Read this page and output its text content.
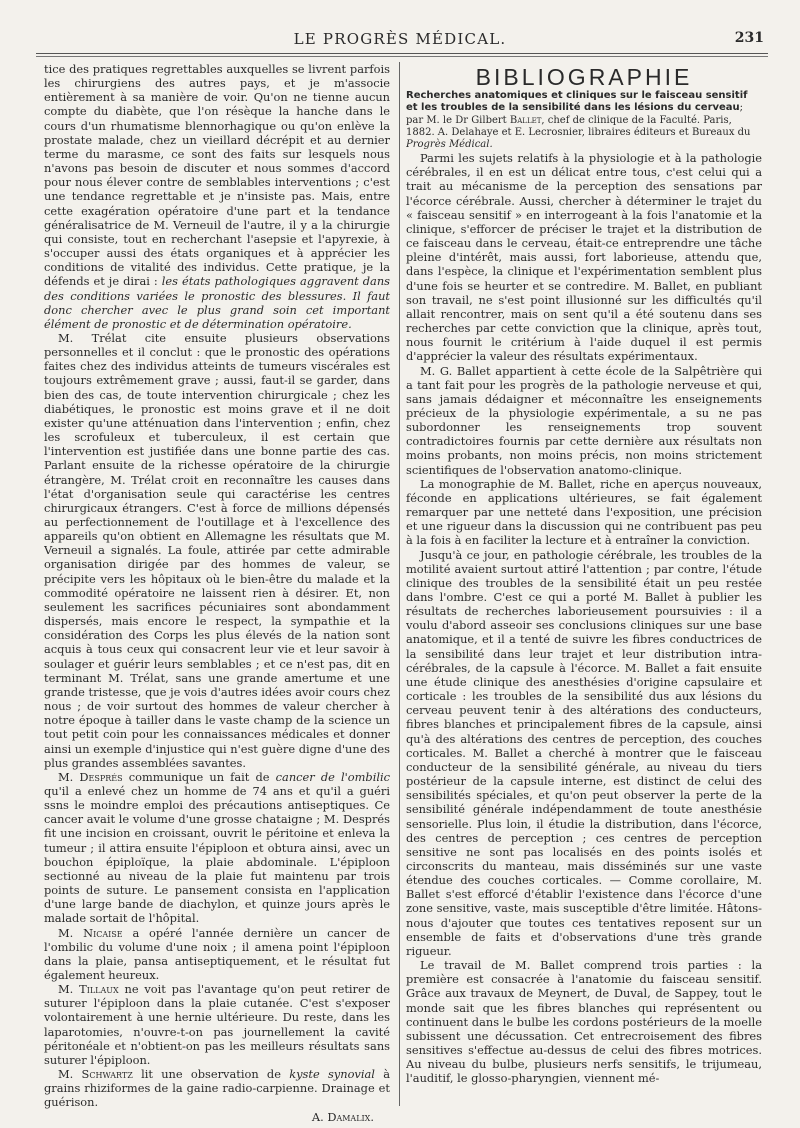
LE PROGRÈS MÉDICAL.	231

tice des pratiques regrettables auxquelles se livrent parfois les chirurgiens des autres pays, et je m'associe entièrement à sa manière de voir. Qu'on ne tienne aucun compte du diabète, que l'on résèque la hanche dans le cours d'un rhumatisme blennorhagique ou qu'on enlève la prostate malade, chez un vieillard décrépit et au dernier terme du marasme, ce sont des faits sur lesquels nous n'avons pas besoin de discuter et nous sommes d'accord pour nous élever contre de semblables interventions ; c'est une tendance regrettable et je n'insiste pas. Mais, entre cette exagération opératoire d'une part et la tendance généralisatrice de M. Verneuil de l'autre, il y a la chirurgie qui consiste, tout en recherchant l'asepsie et l'apyrexie, à s'occuper aussi des états organiques et à apprécier les conditions de vitalité des individus. Cette pratique, je la défends et je dirai : les états pathologiques aggravent dans des conditions variées le pronostic des blessures. Il faut donc chercher avec le plus grand soin cet important élément de pronostic et de détermination opératoire.

M. Trélat cite ensuite plusieurs observations personnelles et il conclut : que le pronostic des opérations faites chez des individus atteints de tumeurs viscérales est toujours extrêmement grave ; aussi, faut-il se garder, dans bien des cas, de toute intervention chirurgicale ; chez les diabétiques, le pronostic est moins grave et il ne doit exister qu'une atténuation dans l'intervention ; enfin, chez les scrofuleux et tuberculeux, il est certain que l'intervention est justifiée dans une bonne partie des cas. Parlant ensuite de la richesse opératoire de la chirurgie étrangère, M. Trélat croit en reconnaître les causes dans l'état d'organisation seule qui caractérise les centres chirurgicaux étrangers. C'est à force de millions dépensés au perfectionnement de l'outillage et à l'excellence des appareils qu'on obtient en Allemagne les résultats que M. Verneuil a signalés. La foule, attirée par cette admirable organisation dirigée par des hommes de valeur, se précipite vers les hôpitaux où le bien-être du malade et la commodité opératoire ne laissent rien à désirer. Et, non seulement les sacrifices pécuniaires sont abondamment dispersés, mais encore le respect, la sympathie et la considération des Corps les plus élevés de la nation sont acquis à tous ceux qui consacrent leur vie et leur savoir à soulager et guérir leurs semblables ; et ce n'est pas, dit en terminant M. Trélat, sans une grande amertume et une grande tristesse, que je vois d'autres idées avoir cours chez nous ; de voir surtout des hommes de valeur chercher à notre époque à tailler dans le vaste champ de la science un tout petit coin pour les connaissances médicales et donner ainsi un exemple d'injustice qui n'est guère digne d'une des plus grandes assemblées savantes.

M. Després communique un fait de cancer de l'ombilic qu'il a enlevé chez un homme de 74 ans et qu'il a guéri ssns le moindre emploi des précautions antiseptiques. Ce cancer avait le volume d'une grosse chataigne ; M. Després fit une incision en croissant, ouvrit le péritoine et enleva la tumeur ; il attira ensuite l'épiploon et obtura ainsi, avec un bouchon épiploïque, la plaie abdominale. L'épiploon sectionné au niveau de la plaie fut maintenu par trois points de suture. Le pansement consista en l'application d'une large bande de diachylon, et quinze jours après le malade sortait de l'hôpital.

M. Nicaise a opéré l'année dernière un cancer de l'ombilic du volume d'une noix ; il amena point l'épiploon dans la plaie, pansa antiseptiquement, et le résultat fut également heureux.

M. Tillaux ne voit pas l'avantage qu'on peut retirer de suturer l'épiploon dans la plaie cutanée. C'est s'exposer volontairement à une hernie ultérieure. Du reste, dans les laparotomies, n'ouvre-t-on pas journellement la cavité péritonéale et n'obtient-on pas les meilleurs résultats sans suturer l'épiploon.

M. Schwartz lit une observation de kyste synovial à grains rhiziformes de la gaine radio-carpienne. Drainage et guérison.

A. Damalix.

BIBLIOGRAPHIE

Recherches anatomiques et cliniques sur le faisceau sensitif et les troubles de la sensibilité dans les lésions du cerveau; par M. le Dr Gilbert Ballet, chef de clinique de la Faculté. Paris, 1882. A. Delahaye et E. Lecrosnier, libraires éditeurs et Bureaux du Progrès Médical.

Parmi les sujets relatifs à la physiologie et à la pathologie cérébrales, il en est un délicat entre tous, c'est celui qui a trait au mécanisme de la perception des sensations par l'écorce cérébrale. Aussi, chercher à déterminer le trajet du « faisceau sensitif » en interrogeant à la fois l'anatomie et la clinique, s'efforcer de préciser le trajet et la distribution de ce faisceau dans le cerveau, était-ce entreprendre une tâche pleine d'intérêt, mais aussi, fort laborieuse, attendu que, dans l'espèce, la clinique et l'expérimentation semblent plus d'une fois se heurter et se contredire. M. Ballet, en publiant son travail, ne s'est point illusionné sur les difficultés qu'il allait rencontrer, mais on sent qu'il a été soutenu dans ses recherches par cette conviction que la clinique, après tout, nous fournit le critérium à l'aide duquel il est permis d'apprécier la valeur des résultats expérimentaux.

M. G. Ballet appartient à cette école de la Salpêtrière qui a tant fait pour les progrès de la pathologie nerveuse et qui, sans jamais dédaigner et méconnaître les enseignements précieux de la physiologie expérimentale, a su ne pas subordonner les renseignements trop souvent contradictoires fournis par cette dernière aux résultats non moins probants, non moins précis, non moins strictement scientifiques de l'observation anatomo-clinique.

La monographie de M. Ballet, riche en aperçus nouveaux, féconde en applications ultérieures, se fait également remarquer par une netteté dans l'exposition, une précision et une rigueur dans la discussion qui ne contribuent pas peu à la fois à en faciliter la lecture et à entraîner la conviction.

Jusqu'à ce jour, en pathologie cérébrale, les troubles de la motilité avaient surtout attiré l'attention ; par contre, l'étude clinique des troubles de la sensibilité était un peu restée dans l'ombre. C'est ce qui a porté M. Ballet à publier les résultats de recherches laborieusement poursuivies : il a voulu d'abord asseoir ses conclusions cliniques sur une base anatomique, et il a tenté de suivre les fibres conductrices de la sensibilité dans leur trajet et leur distribution intra-cérébrales, de la capsule à l'écorce. M. Ballet a fait ensuite une étude clinique des anesthésies d'origine capsulaire et corticale : les troubles de la sensibilité dus aux lésions du cerveau peuvent tenir à des altérations des conducteurs, fibres blanches et principalement fibres de la capsule, ainsi qu'à des altérations des centres de perception, des couches corticales. M. Ballet a cherché à montrer que le faisceau conducteur de la sensibilité générale, au niveau du tiers postérieur de la capsule interne, est distinct de celui des sensibilités spéciales, et qu'on peut observer la perte de la sensibilité générale indépendamment de toute anesthésie sensorielle. Plus loin, il étudie la distribution, dans l'écorce, des centres de perception ; ces centres de perception sensitive ne sont pas localisés en des points isolés et circonscrits du manteau, mais disséminés sur une vaste étendue des couches corticales. — Comme corollaire, M. Ballet s'est efforcé d'établir l'existence dans l'écorce d'une zone sensitive, vaste, mais susceptible d'être limitée. Hâtons-nous d'ajouter que toutes ces tentatives reposent sur un ensemble de faits et d'observations d'une très grande rigueur.

Le travail de M. Ballet comprend trois parties : la première est consacrée à l'anatomie du faisceau sensitif. Grâce aux travaux de Meynert, de Duval, de Sappey, tout le monde sait que les fibres blanches qui représentent ou continuent dans le bulbe les cordons postérieurs de la moelle subissent une décussation. Cet entrecroisement des fibres sensitives s'effectue au-dessus de celui des fibres motrices. Au niveau du bulbe, plusieurs nerfs sensitifs, le trijumeau, l'auditif, le glosso-pharyngien, viennent mé-
